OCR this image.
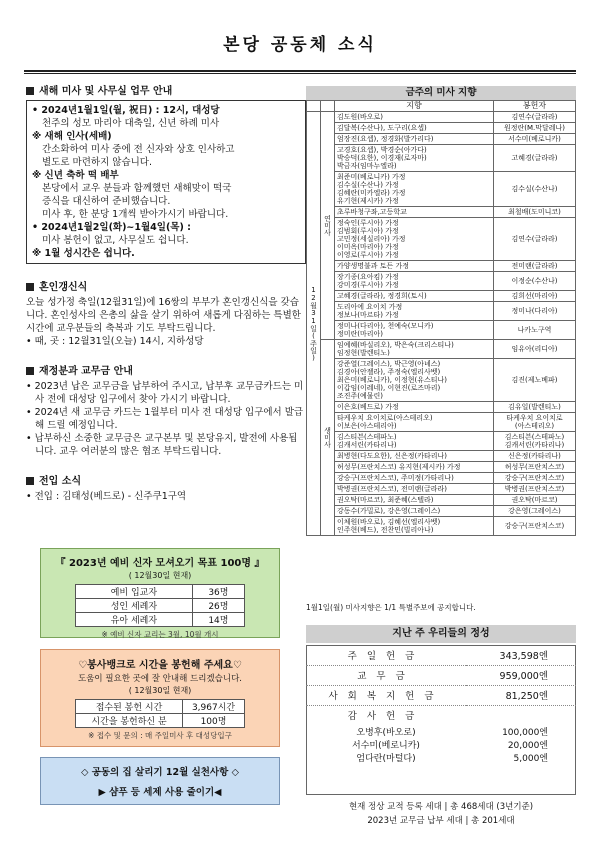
본당 공동체 소식
새해 미사 및 사무실 업무 안내
• 2024년1월1일(월, 祝日) : 12시, 대성당
천주의 성모 마리아 대축일, 신년 하례 미사
※ 새해 인사(세배)
간소화하여 미사 중에 전 신자와 상호 인사하고
별도로 마련하지 않습니다.
※ 신년 축하 떡 배부
본당에서 교우 분들과 함께했던 새해맞이 떡국
증식을 대신하여 준비했습니다.
미사 후, 한 분당 1개씩 받아가시기 바랍니다.
• 2024년1월2일(화)~1월4일(목) :
미사 봉헌이 없고, 사무실도 쉽니다.
※ 1월 성시간은 쉽니다.
혼인갱신식
오늘 성가정 축일(12월31일)에 16쌍의 부부가 혼인갱신식을 갖습니다. 혼인성사의 은총의 삶을 살기 위하여 새롭게 다짐하는 특별한 시간에 교우분들의 축복과 기도 부탁드립니다.
• 때, 곳 : 12월31일(오늘) 14시, 지하성당
재정분과 교무금 안내
• 2023년 납은 교무금을 납부하여 주시고, 납부후 교무금카드는 미사 전에 대성당 입구에서 찾아 가시기 바랍니다.
• 2024년 새 교무금 카드는 1월부터 미사 전 대성당 입구에서 발급해 드릴 예정입니다.
• 납부하신 소중한 교무금은 교구본부 및 본당유지, 발전에 사용됩니다. 교우 여러분의 많은 협조 부탁드립니다.
전입 소식
• 전입 : 김태성(베드로) - 신주쿠1구역
『 2023년 예비 신자 모셔오기 목표 100명 』
( 12월30일 현재)
예비 입교자	36명
성인 세례자	26명
유아 세례자	14명
※ 예비 신자 교리는 3월, 10월 개시
♡봉사뱅크로 시간을 봉헌해 주세요♡
도움이 필요한 곳에 잘 안내해 드리겠습니다.
( 12월30일 현재)
접수된 봉헌 시간	3,967시간
시간을 봉헌하신 분	100명
※ 접수 및 문의 : 매 주일미사 후 대성당입구
◇ 공동의 집 살리기 12월 실천사항 ◇
▶ 샴푸 등 세제 사용 줄이기◀
금주의 미사 지향
		지향	봉헌자
12월31일(주일)	연미사	김도원(바오로)	김연수(글라라)
		김달복(수산나), 도구리(요셉)	원정란(M.막달레나)
		엄장진(요셉), 정경화(발가리다)	서수미(베로니카)
		고경호(요셉), 박경순(아가다)
박승덕(요한), 이경재(로자마)
박금자(임마누엘라)	고혜경(글라라)
		최준미(베로니카) 가정
김수실(수산나) 가정
김혜란(미카엘라) 가정
유기현(제시카) 가정	김수실(수산나)
		초루바청구좌,고등학교	최철배(도미니코)
		정숙인(루시아) 가정
김범회(루시아) 가정
고민정(세실리아) 가정
이미옥(마리아) 가정
이영로(루시아) 가정	김연수(글라라)
		가양생명불과 토든 가정	전미랜(글라라)
		장기종(요아킴) 가정
강미경(루시아) 가정	이정순(수산나)
		고혜경(글라라), 정경희(토시)	김희선(마리아)
		도리아에 요이치 가정
정보나(마르타) 가정	정미나(다리아)
		정미나(다리아), 천예숙(모니카)
정미란(마리아)	나카노구역
	생미사	임예혜(바실리오), 박은숙(크리스티나)
임정현(발렌티노)	임유아(리디아)
		강준열(그레이스), 박근영(아녜스)
김경아(안젤라), 주정숙(엘리사벳)
최은미(베로니카), 이정현(유스티나)
이갑임(이레네), 이현진(로즈마리)
조진주(예물린)	김진(제노베파)
		이은호(베드로) 가정	김유일(발렌티노)
		타케우치 요이치로(아스테리오)
이보은(아스테리아)	타케우치 요이치로
(아스테리오)
		김스티븐(스테파노)
김캐서린(카타리나)	김스티븐(스테파노)
김캐서린(카타리나)
		최병현(다도요한), 신은정(카타리나)	신은정(카타리나)
		허성무(프란치스코) 유지현(제시카) 가정	허성무(프란치스코)
		강승구(프란치스코), 주미정(가타리나)	강승구(프란치스코)
		박병권(프란치스코), 전미랜(글라라)	박병권(프란치스코)
		권오탁(마르코), 최준혜(스텔라)	권오탁(마르코)
		강동수(가밀로), 강은영(그레이스)	강은영(그레이스)
		이체원(바오로), 김혜선(엘리사벳)
인주현(베드), 전찬민(빌리아나)	강승구(프란치스코)
1월1일(월) 미사지향은 1/1 특별주보에 공지합니다.
지난 주 우리들의 정성
주일헌금	343,598엔
교무금	959,000엔
사회복지헌금	81,250엔
감사헌금	
오병후(바오로)	100,000엔
서수미(베로니카)	20,000엔
엄다란(마털다)	5,000엔
현재 정상 교적 등록 세대 | 총 468세대 (3년기준)
2023년 교무금 납부 세대 | 총 201세대
